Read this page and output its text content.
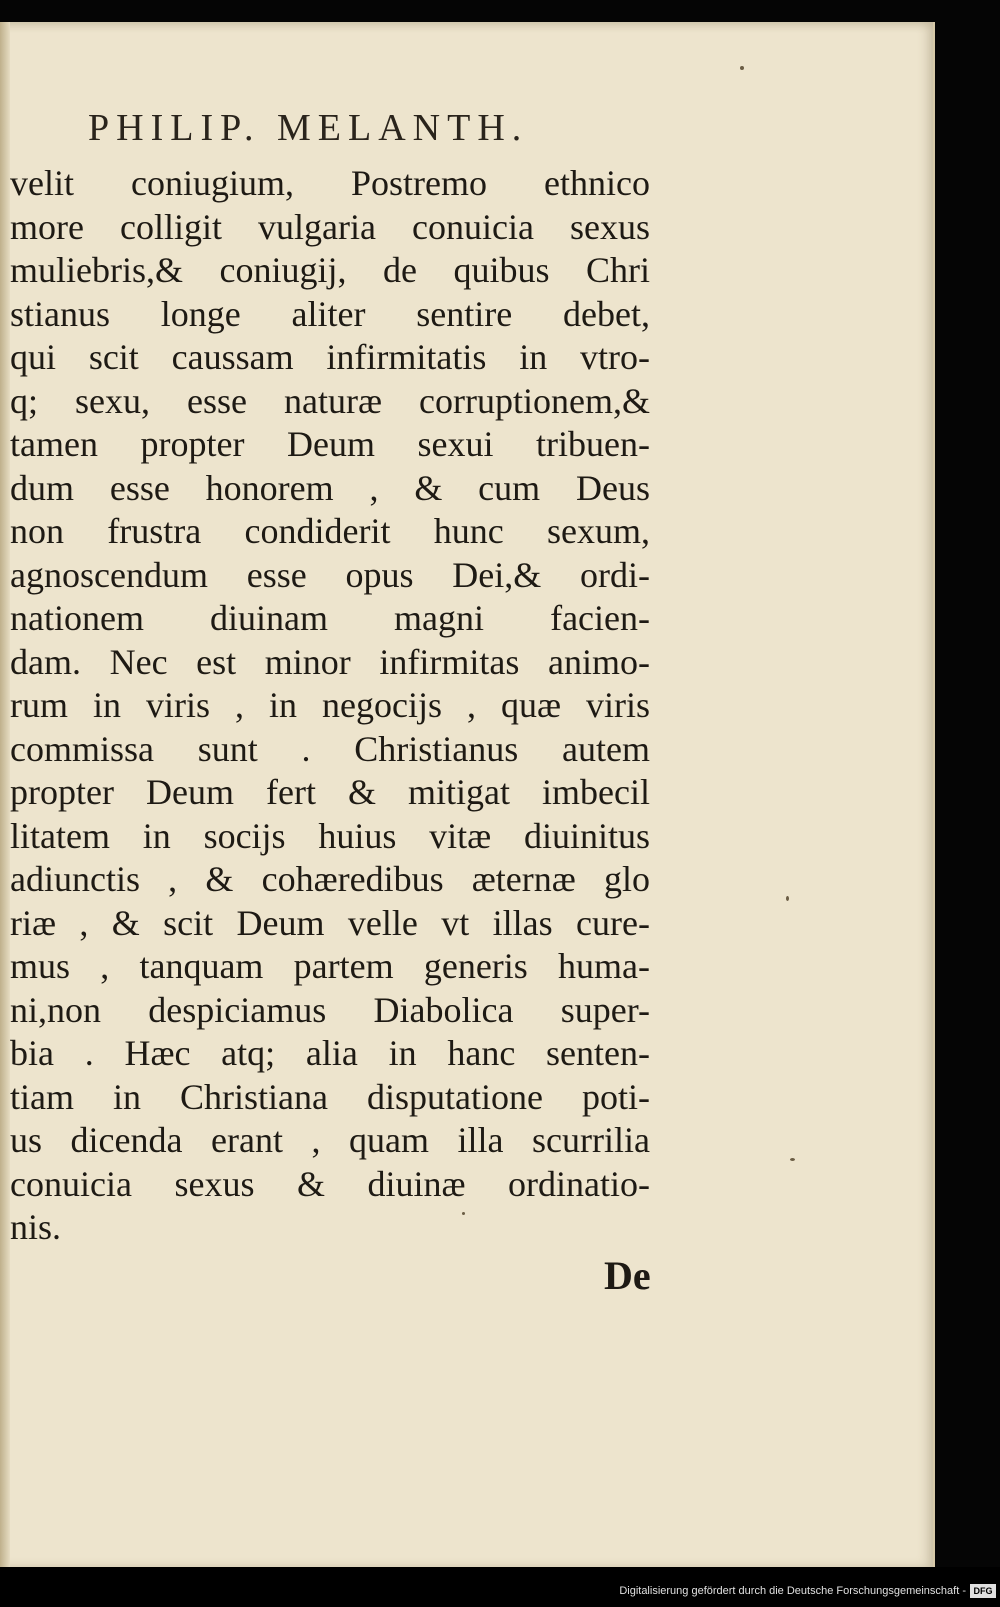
PHILIP. MELANTH.
velit coniugium, Postremo ethnico
more colligit vulgaria conuicia sexus
muliebris,& coniugij, de quibus Chri
stianus longe aliter sentire debet,
qui scit caussam infirmitatis in vtro-
q; sexu, esse naturæ corruptionem,&
tamen propter Deum sexui tribuen-
dum esse honorem , & cum Deus
non frustra condiderit hunc sexum,
agnoscendum esse opus Dei,& ordi-
nationem diuinam magni facien-
dam. Nec est minor infirmitas animo-
rum in viris , in negocijs , quæ viris
commissa sunt . Christianus autem
propter Deum fert & mitigat imbecil
litatem in socijs huius vitæ diuinitus
adiunctis , & cohæredibus æternæ glo
riæ , & scit Deum velle vt illas cure-
mus , tanquam partem generis huma-
ni,non despiciamus Diabolica super-
bia . Hæc atq; alia in hanc senten-
tiam in Christiana disputatione poti-
us dicenda erant , quam illa scurrilia
conuicia sexus & diuinæ ordinatio-
nis.
De
Digitalisierung gefördert durch die Deutsche Forschungsgemeinschaft - DFG
